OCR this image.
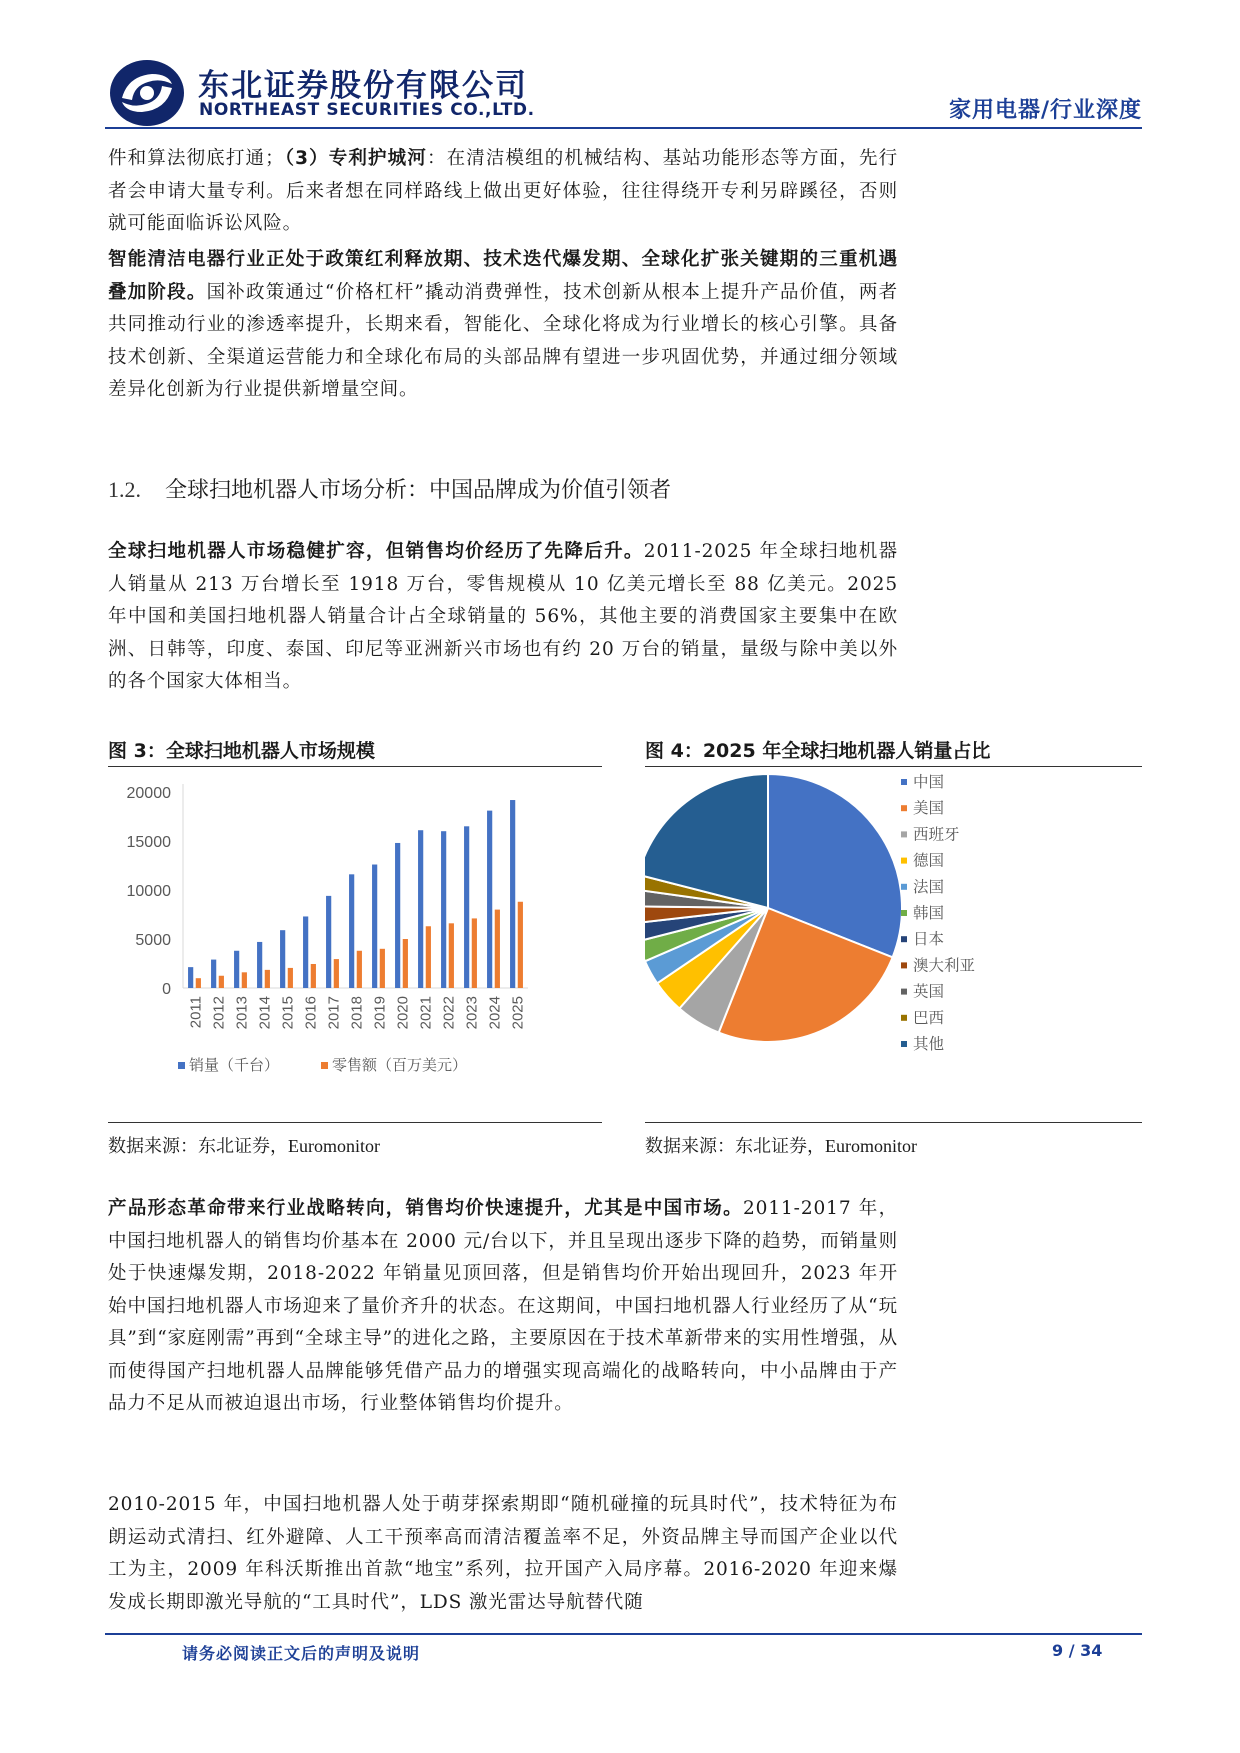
东北证券股份有限公司
NORTHEAST SECURITIES CO.,LTD.	家用电器/行业深度
件和算法彻底打通；（3）专利护城河：在清洁模组的机械结构、基站功能形态等方面，先行者会申请大量专利。后来者想在同样路线上做出更好体验，往往得绕开专利另辟蹊径，否则就可能面临诉讼风险。
智能清洁电器行业正处于政策红利释放期、技术迭代爆发期、全球化扩张关键期的三重机遇叠加阶段。国补政策通过“价格杠杆”撬动消费弹性，技术创新从根本上提升产品价值，两者共同推动行业的渗透率提升，长期来看，智能化、全球化将成为行业增长的核心引擎。具备技术创新、全渠道运营能力和全球化布局的头部品牌有望进一步巩固优势，并通过细分领域差异化创新为行业提供新增量空间。
1.2. 全球扫地机器人市场分析：中国品牌成为价值引领者
全球扫地机器人市场稳健扩容，但销售均价经历了先降后升。2011-2025 年全球扫地机器人销量从 213 万台增长至 1918 万台，零售规模从 10 亿美元增长至 88 亿美元。2025 年中国和美国扫地机器人销量合计占全球销量的 56%，其他主要的消费国家主要集中在欧洲、日韩等，印度、泰国、印尼等亚洲新兴市场也有约 20 万台的销量，量级与除中美以外的各个国家大体相当。
图 3：全球扫地机器人市场规模
0
5000
10000
15000
20000
2011 2012 2013 2014 2015 2016 2017 2018 2019 2020 2021 2022 2023 2024 2025
销量（千台）	零售额（百万美元）
数据来源：东北证券，Euromonitor
图 4：2025 年全球扫地机器人销量占比
中国
美国
西班牙
德国
法国
韩国
日本
澳大利亚
英国
巴西
其他
数据来源：东北证券，Euromonitor
产品形态革命带来行业战略转向，销售均价快速提升，尤其是中国市场。2011-2017 年，中国扫地机器人的销售均价基本在 2000 元/台以下，并且呈现出逐步下降的趋势，而销量则处于快速爆发期，2018-2022 年销量见顶回落，但是销售均价开始出现回升，2023 年开始中国扫地机器人市场迎来了量价齐升的状态。在这期间，中国扫地机器人行业经历了从“玩具”到“家庭刚需”再到“全球主导”的进化之路，主要原因在于技术革新带来的实用性增强，从而使得国产扫地机器人品牌能够凭借产品力的增强实现高端化的战略转向，中小品牌由于产品力不足从而被迫退出市场，行业整体销售均价提升。
2010-2015 年，中国扫地机器人处于萌芽探索期即“随机碰撞的玩具时代”，技术特征为布朗运动式清扫、红外避障、人工干预率高而清洁覆盖率不足，外资品牌主导而国产企业以代工为主，2009 年科沃斯推出首款“地宝”系列，拉开国产入局序幕。2016-2020 年迎来爆发成长期即激光导航的“工具时代”，LDS 激光雷达导航替代随
请务必阅读正文后的声明及说明	9 / 34
